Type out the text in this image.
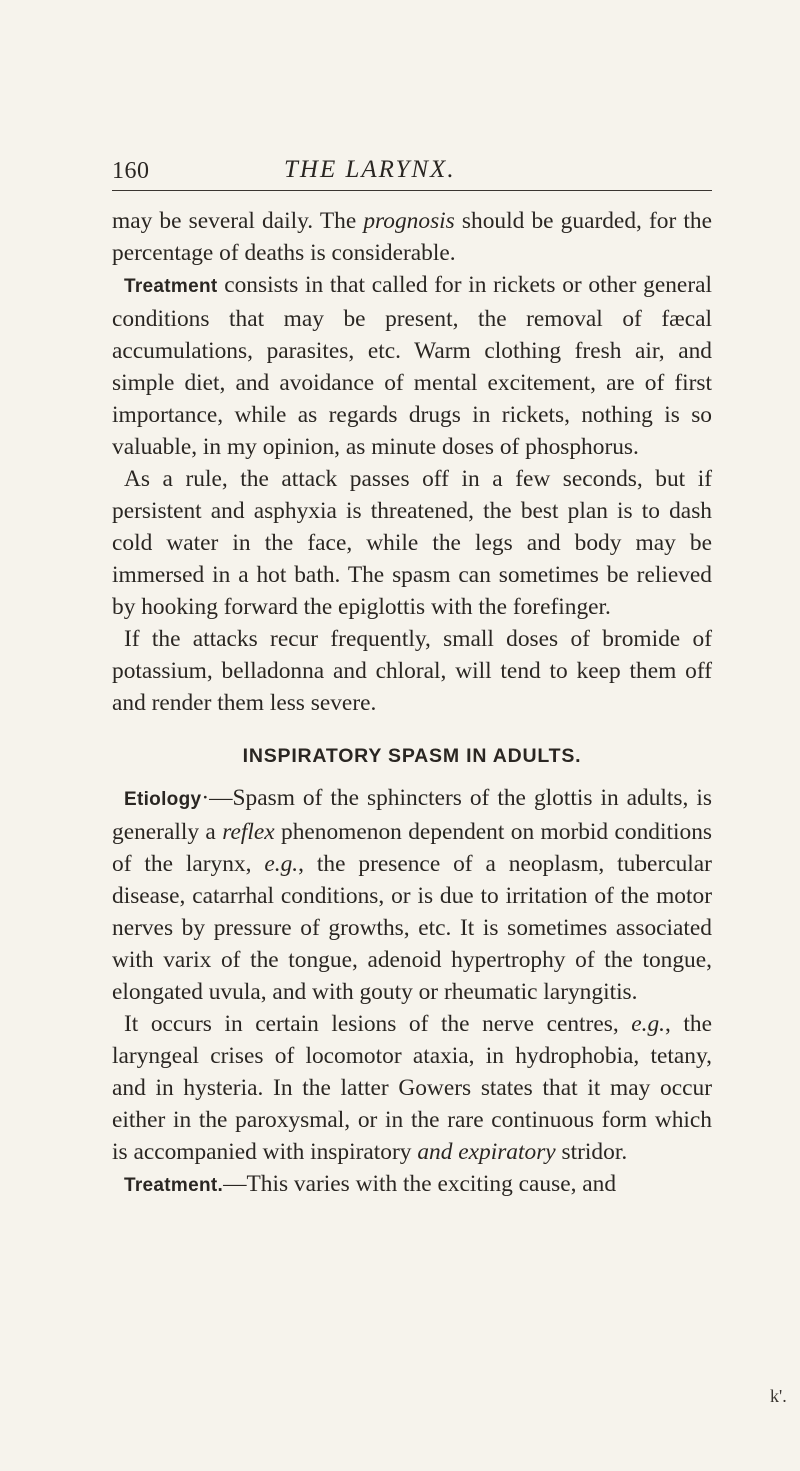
160	THE LARYNX.

may be several daily. The prognosis should be guarded, for the percentage of deaths is considerable.

Treatment consists in that called for in rickets or other general conditions that may be present, the removal of fæcal accumulations, parasites, etc. Warm clothing fresh air, and simple diet, and avoidance of mental excitement, are of first importance, while as regards drugs in rickets, nothing is so valuable, in my opinion, as minute doses of phosphorus.

As a rule, the attack passes off in a few seconds, but if persistent and asphyxia is threatened, the best plan is to dash cold water in the face, while the legs and body may be immersed in a hot bath. The spasm can sometimes be relieved by hooking forward the epiglottis with the forefinger.

If the attacks recur frequently, small doses of bromide of potassium, belladonna and chloral, will tend to keep them off and render them less severe.

INSPIRATORY SPASM IN ADULTS.

Etiology·—Spasm of the sphincters of the glottis in adults, is generally a reflex phenomenon dependent on morbid conditions of the larynx, e.g., the presence of a neoplasm, tubercular disease, catarrhal conditions, or is due to irritation of the motor nerves by pressure of growths, etc. It is sometimes associated with varix of the tongue, adenoid hypertrophy of the tongue, elongated uvula, and with gouty or rheumatic laryngitis.

It occurs in certain lesions of the nerve centres, e.g., the laryngeal crises of locomotor ataxia, in hydrophobia, tetany, and in hysteria. In the latter Gowers states that it may occur either in the paroxysmal, or in the rare continuous form which is accompanied with inspiratory and expiratory stridor.

Treatment.—This varies with the exciting cause, and

k'.
